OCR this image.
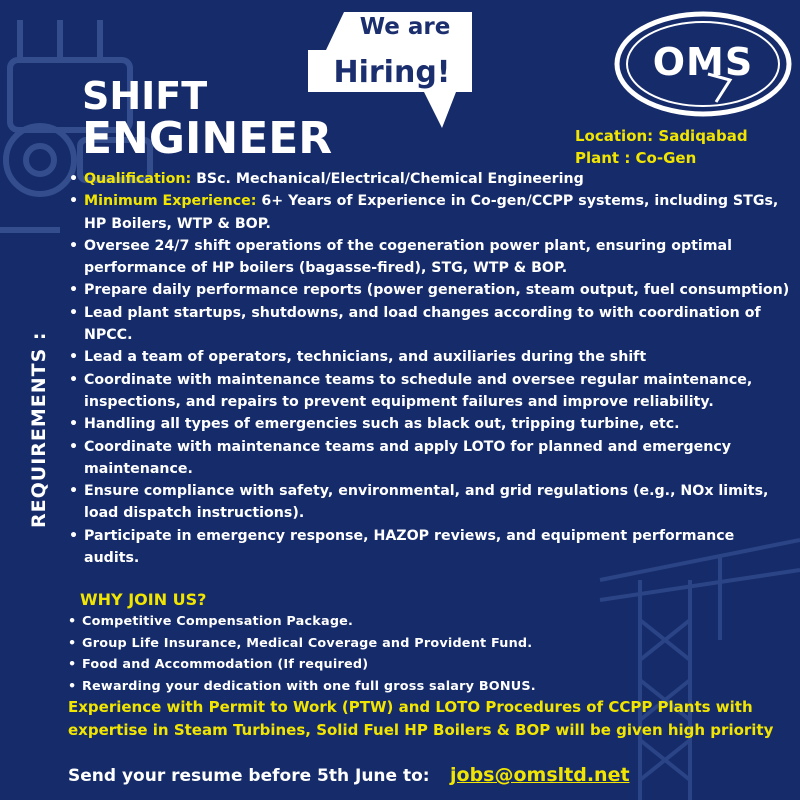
We are
Hiring!	OMS
SHIFT
ENGINEER	Location: Sadiqabad
Plant : Co-Gen
REQUIREMENTS :
• Qualification: BSc. Mechanical/Electrical/Chemical Engineering
• Minimum Experience: 6+ Years of Experience in Co-gen/CCPP systems, including STGs, HP Boilers, WTP & BOP.
• Oversee 24/7 shift operations of the cogeneration power plant, ensuring optimal performance of HP boilers (bagasse-fired), STG, WTP & BOP.
• Prepare daily performance reports (power generation, steam output, fuel consumption)
• Lead plant startups, shutdowns, and load changes according to with coordination of NPCC.
• Lead a team of operators, technicians, and auxiliaries during the shift
• Coordinate with maintenance teams to schedule and oversee regular maintenance, inspections, and repairs to prevent equipment failures and improve reliability.
• Handling all types of emergencies such as black out, tripping turbine, etc.
• Coordinate with maintenance teams and apply LOTO for planned and emergency maintenance.
• Ensure compliance with safety, environmental, and grid regulations (e.g., NOx limits, load dispatch instructions).
• Participate in emergency response, HAZOP reviews, and equipment performance audits.
WHY JOIN US?
• Competitive Compensation Package.
• Group Life Insurance, Medical Coverage and Provident Fund.
• Food and Accommodation (If required)
• Rewarding your dedication with one full gross salary BONUS.
Experience with Permit to Work (PTW) and LOTO Procedures of CCPP Plants with expertise in Steam Turbines, Solid Fuel HP Boilers & BOP will be given high priority
Send your resume before 5th June to: jobs@omsltd.net
